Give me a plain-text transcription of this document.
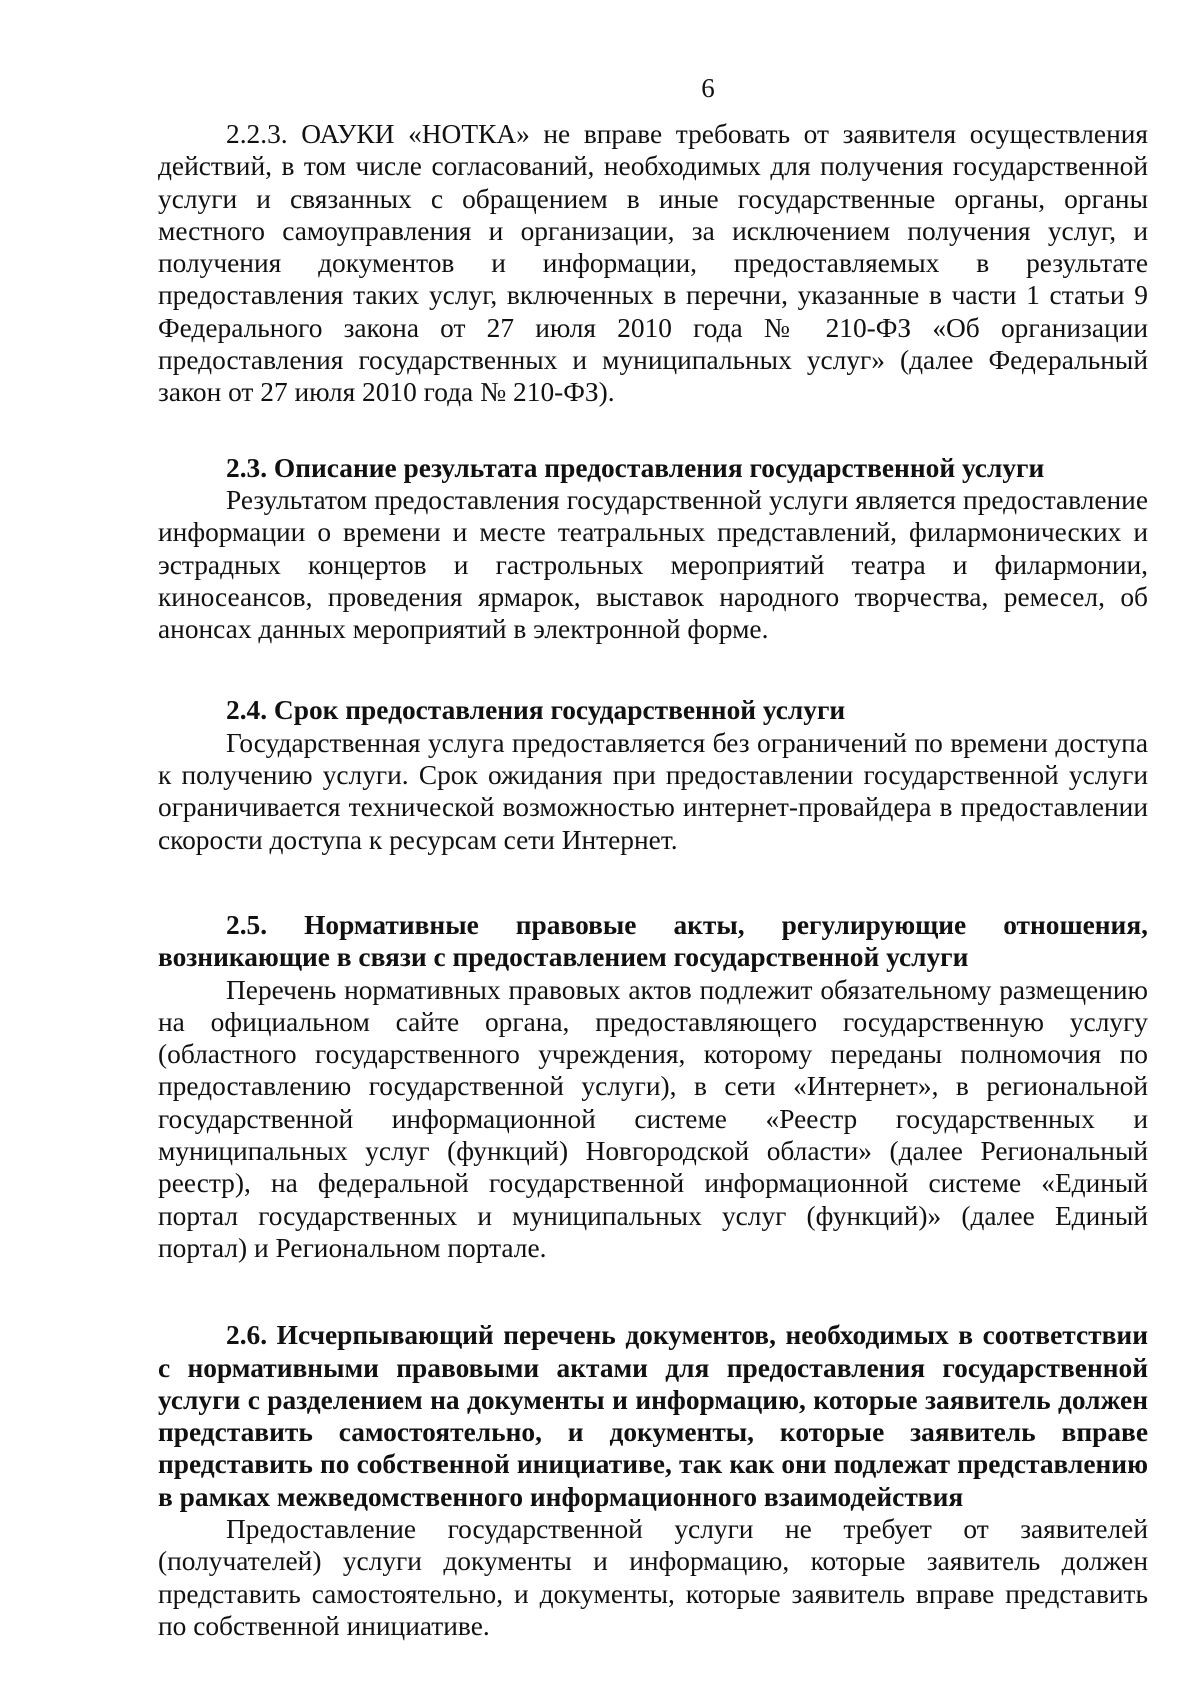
6

2.2.3. ОАУКИ «НОТКА» не вправе требовать от заявителя осуществления действий, в том числе согласований, необходимых для получения государственной услуги и связанных с обращением в иные государственные органы, органы местного самоуправления и организации, за исключением получения услуг, и получения документов и информации, предоставляемых в результате предоставления таких услуг, включенных в перечни, указанные в части 1 статьи 9 Федерального закона от 27 июля 2010 года № 210-ФЗ «Об организации предоставления государственных и муниципальных услуг» (далее Федеральный закон от 27 июля 2010 года № 210-ФЗ).

2.3. Описание результата предоставления государственной услуги

Результатом предоставления государственной услуги является предоставление информации о времени и месте театральных представлений, филармонических и эстрадных концертов и гастрольных мероприятий театра и филармонии, киносеансов, проведения ярмарок, выставок народного творчества, ремесел, об анонсах данных мероприятий в электронной форме.

2.4. Срок предоставления государственной услуги

Государственная услуга предоставляется без ограничений по времени доступа к получению услуги. Срок ожидания при предоставлении государственной услуги ограничивается технической возможностью интернет-провайдера в предоставлении скорости доступа к ресурсам сети Интернет.

2.5. Нормативные правовые акты, регулирующие отношения, возникающие в связи с предоставлением государственной услуги

Перечень нормативных правовых актов подлежит обязательному размещению на официальном сайте органа, предоставляющего государственную услугу (областного государственного учреждения, которому переданы полномочия по предоставлению государственной услуги), в сети «Интернет», в региональной государственной информационной системе «Реестр государственных и муниципальных услуг (функций) Новгородской области» (далее Региональный реестр), на федеральной государственной информационной системе «Единый портал государственных и муниципальных услуг (функций)» (далее Единый портал) и Региональном портале.

2.6. Исчерпывающий перечень документов, необходимых в соответствии с нормативными правовыми актами для предоставления государственной услуги с разделением на документы и информацию, которые заявитель должен представить самостоятельно, и документы, которые заявитель вправе представить по собственной инициативе, так как они подлежат представлению в рамках межведомственного информационного взаимодействия

Предоставление государственной услуги не требует от заявителей (получателей) услуги документы и информацию, которые заявитель должен представить самостоятельно, и документы, которые заявитель вправе представить по собственной инициативе.
